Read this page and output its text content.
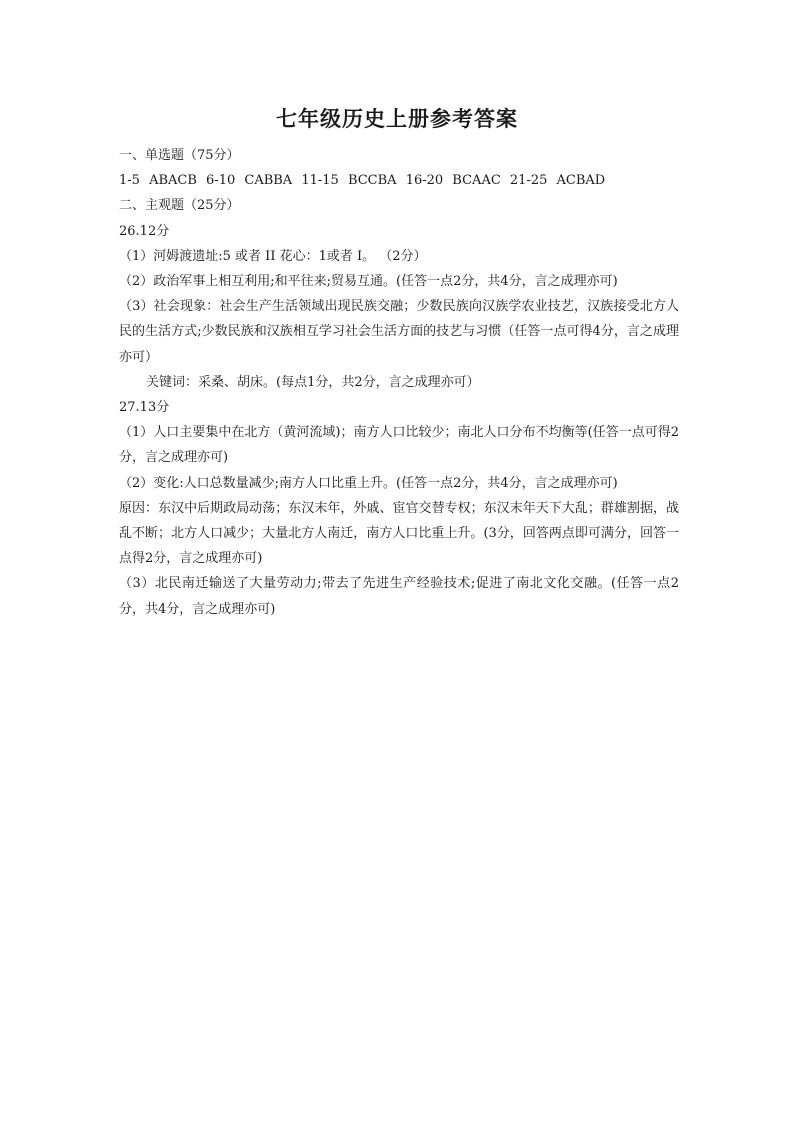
七年级历史上册参考答案
一、单选题（75分）
1-5 ABACB 6-10 CABBA 11-15 BCCBA 16-20 BCAAC 21-25 ACBAD
二、主观题（25分）
26.12分
（1）河姆渡遗址:5 或者 II 花心：1或者 I。 （2分）
（2）政治军事上相互利用;和平往来;贸易互通。(任答一点2分，共4分，言之成理亦可)
（3）社会现象：社会生产生活领域出现民族交融；少数民族向汉族学农业技艺，汉族接受北方人民的生活方式;少数民族和汉族相互学习社会生活方面的技艺与习惯（任答一点可得4分，言之成理亦可）
关键词：采桑、胡床。(每点1分，共2分，言之成理亦可）
27.13分
（1）人口主要集中在北方（黄河流域)；南方人口比较少；南北人口分布不均衡等(任答一点可得2分，言之成理亦可)
（2）变化:人口总数量减少;南方人口比重上升。(任答一点2分，共4分，言之成理亦可)
原因：东汉中后期政局动荡；东汉末年，外戚、宦官交替专权；东汉末年天下大乱；群雄割据，战乱不断；北方人口减少；大量北方人南迁，南方人口比重上升。(3分，回答两点即可满分，回答一点得2分，言之成理亦可)
（3）北民南迁输送了大量劳动力;带去了先进生产经验技术;促进了南北文化交融。(任答一点2分，共4分，言之成理亦可)
